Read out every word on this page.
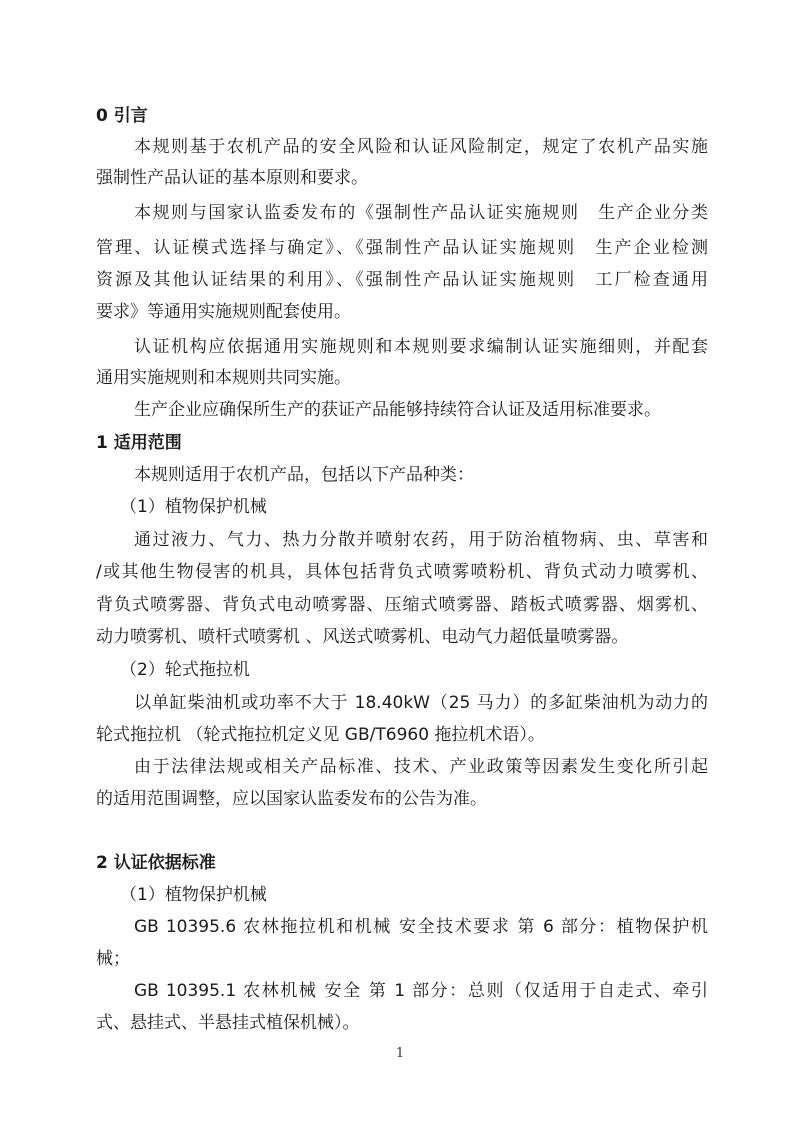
0 引言
本规则基于农机产品的安全风险和认证风险制定，规定了农机产品实施
强制性产品认证的基本原则和要求。
本规则与国家认监委发布的《强制性产品认证实施规则　生产企业分类
管理、认证模式选择与确定》、《强制性产品认证实施规则　生产企业检测
资源及其他认证结果的利用》、《强制性产品认证实施规则　工厂检查通用
要求》等通用实施规则配套使用。
认证机构应依据通用实施规则和本规则要求编制认证实施细则，并配套
通用实施规则和本规则共同实施。
生产企业应确保所生产的获证产品能够持续符合认证及适用标准要求。
1 适用范围
本规则适用于农机产品，包括以下产品种类：
（1）植物保护机械
通过液力、气力、热力分散并喷射农药，用于防治植物病、虫、草害和
/或其他生物侵害的机具，具体包括背负式喷雾喷粉机、背负式动力喷雾机、
背负式喷雾器、背负式电动喷雾器、压缩式喷雾器、踏板式喷雾器、烟雾机、
动力喷雾机、喷杆式喷雾机 、风送式喷雾机、电动气力超低量喷雾器。
（2）轮式拖拉机
以单缸柴油机或功率不大于 18.40kW（25 马力）的多缸柴油机为动力的
轮式拖拉机 （轮式拖拉机定义见 GB/T6960 拖拉机术语）。
由于法律法规或相关产品标准、技术、产业政策等因素发生变化所引起
的适用范围调整，应以国家认监委发布的公告为准。
2 认证依据标准
（1）植物保护机械
GB 10395.6 农林拖拉机和机械 安全技术要求 第 6 部分：植物保护机
械；
GB 10395.1 农林机械 安全 第 1 部分：总则（仅适用于自走式、牵引
式、悬挂式、半悬挂式植保机械）。
1
